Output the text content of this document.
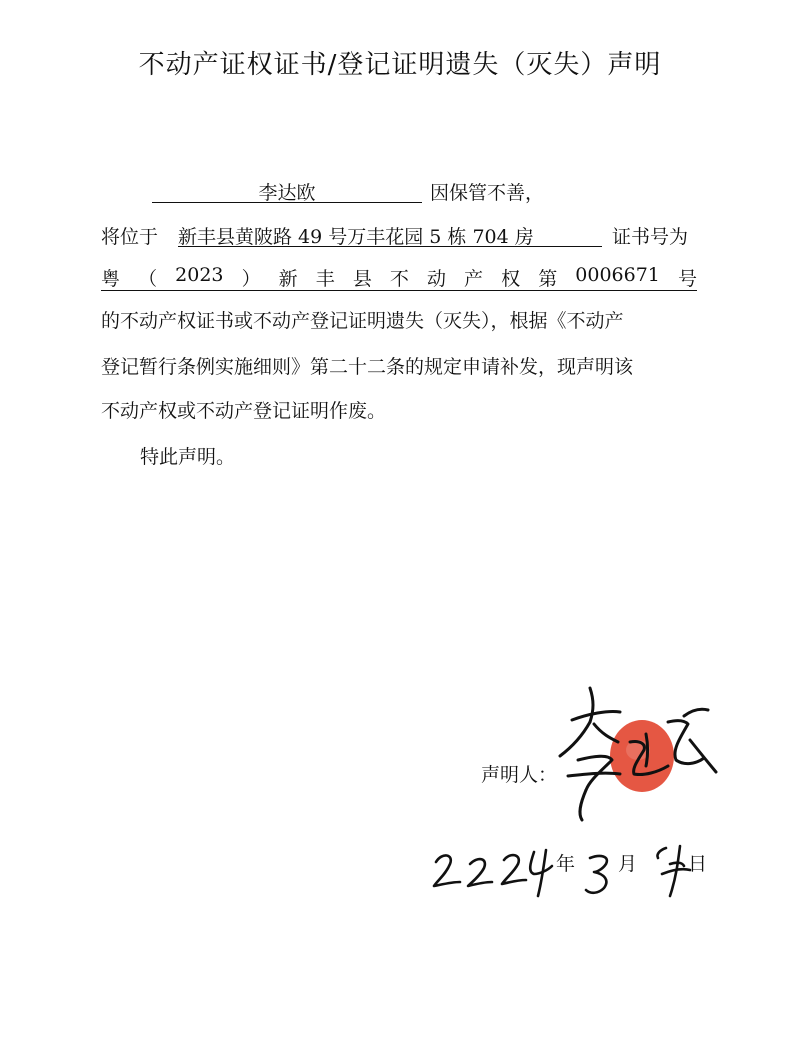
不动产证权证书/登记证明遗失（灭失）声明
李达欧	因保管不善，
将位于 新丰县黄陂路 49 号万丰花园 5 栋 704 房	证书号为
粤 （ 2023 ） 新 丰 县 不 动 产 权 第 0006671 号
的不动产权证书或不动产登记证明遗失（灭失），根据《不动产
登记暂行条例实施细则》第二十二条的规定申请补发，现声明该
不动产权或不动产登记证明作废。
特此声明。
声明人：
年 月	日
